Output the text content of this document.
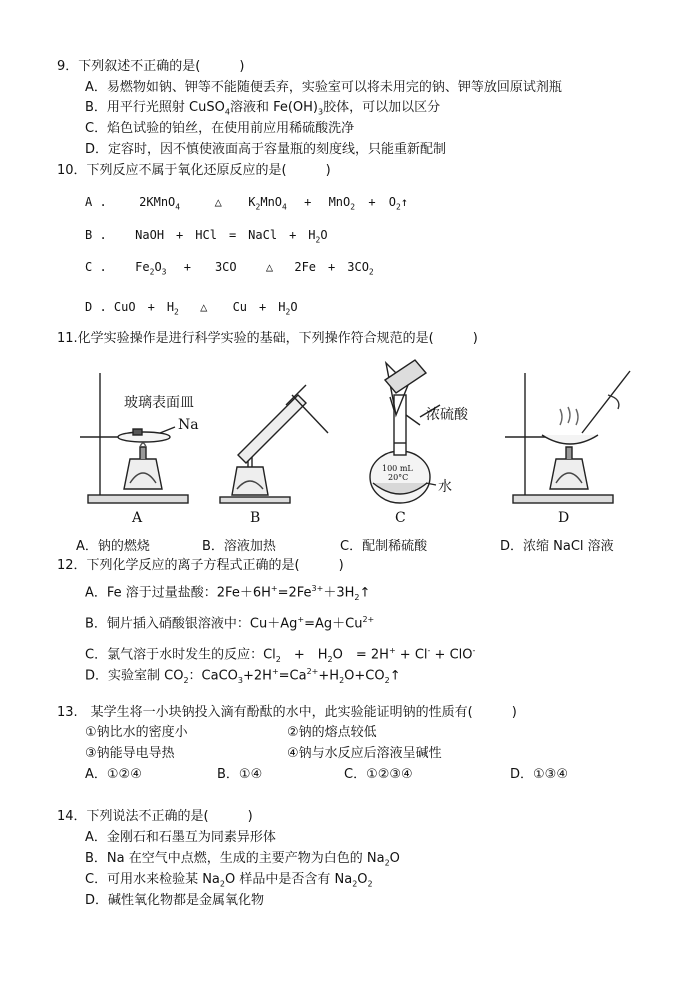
9．下列叙述不正确的是(　　　)
A．易燃物如钠、钾等不能随便丢弃，实验室可以将未用完的钠、钾等放回原试剂瓶
B．用平行光照射 CuSO$_4$溶液和 $Fe(OH)_3$胶体，可以加以区分
C．焰色试验的铂丝，在使用前应用稀硫酸洗净
D．定容时，因不慎使液面高于容量瓶的刻度线，只能重新配制
10．下列反应不属于氧化还原反应的是(　　　)
A .	2KMnO$_4$	△ $K_2MnO_4 + MnO_2$ + $O_2↑$
B . NaOH　+　HCl　=　NaCl　+　$H_2O$
C . $Fe_2O_3$ +　　3CO △ 2Fe　+　$3CO_2$
D . CuO　+　$H_2$ △ Cu　+　$H_2O$
11.化学实验操作是进行科学实验的基础，下列操作符合规范的是(　　　)
玻璃表面皿
Na
浓硫酸
水
100 mL
20°C
A	B	C	D
A．钠的燃烧	B．溶液加热	C．配制稀硫酸	D．浓缩 NaCl 溶液
12．下列化学反应的离子方程式正确的是(　　　)
A．Fe 溶于过量盐酸：$2Fe+6H^+=2Fe^{3+}+3H_2↑$
B．铜片插入硝酸银溶液中：$Cu+Ag^+=Ag+Cu^{2+}$
C．氯气溶于水时发生的反应：$Cl_2$　+　$H_2O$　= 2H+ + Cl- + ClO-
D．实验室制 $CO_2$：$CaCO_3+2H^+=Ca^{2+}+H_2O+CO_2↑$
13.　某学生将一小块钠投入滴有酚酞的水中，此实验能证明钠的性质有(　　　)
①钠比水的密度小	②钠的熔点较低
③钠能导电导热	④钠与水反应后溶液呈碱性
A．①②④	B．①④	C．①②③④	D．①③④
14．下列说法不正确的是(　　　)
A．金刚石和石墨互为同素异形体
B．Na 在空气中点燃，生成的主要产物为白色的 $Na_2O$
C．可用水来检验某 $Na_2O$ 样品中是否含有 $Na_2O_2$
D．碱性氧化物都是金属氧化物
